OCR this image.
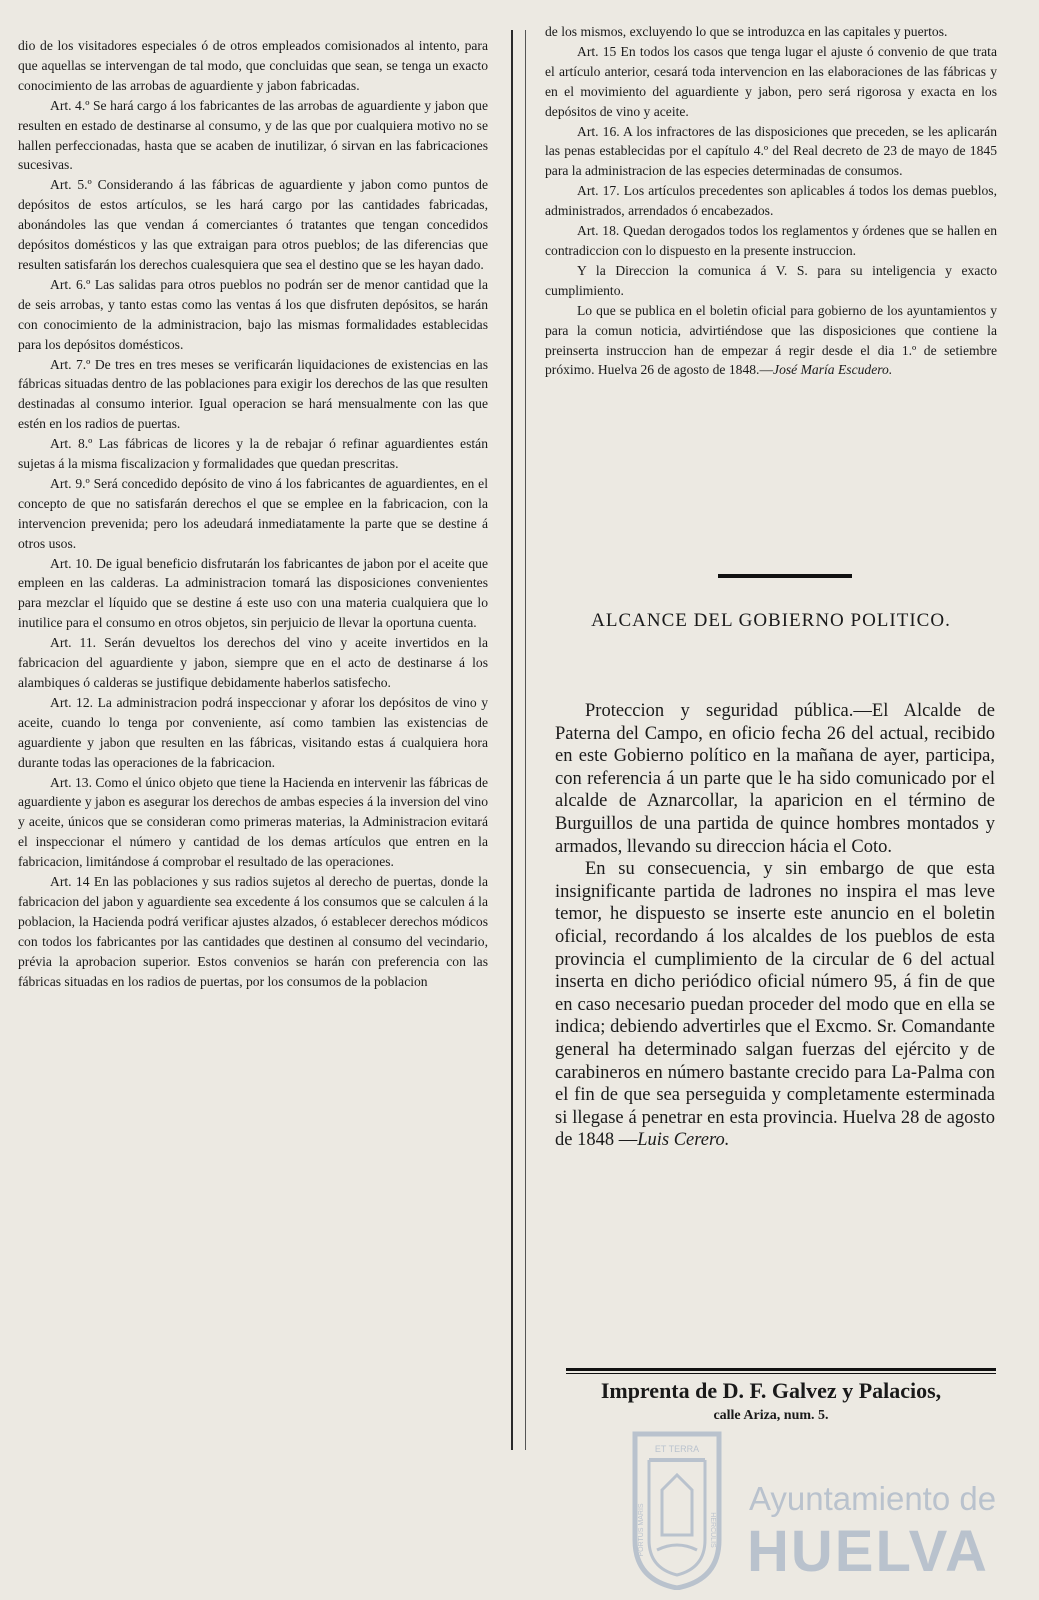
dio de los visitadores especiales ó de otros empleados comisionados al intento, para que aquellas se intervengan de tal modo, que concluidas que sean, se tenga un exacto conocimiento de las arrobas de aguardiente y jabon fabricadas.

Art. 4.º Se hará cargo á los fabricantes de las arrobas de aguardiente y jabon que resulten en estado de destinarse al consumo, y de las que por cualquiera motivo no se hallen perfeccionadas, hasta que se acaben de inutilizar, ó sirvan en las fabricaciones sucesivas.

Art. 5.º Considerando á las fábricas de aguardiente y jabon como puntos de depósitos de estos artículos, se les hará cargo por las cantidades fabricadas, abonándoles las que vendan á comerciantes ó tratantes que tengan concedidos depósitos domésticos y las que extraigan para otros pueblos; de las diferencias que resulten satisfarán los derechos cualesquiera que sea el destino que se les hayan dado.

Art. 6.º Las salidas para otros pueblos no podrán ser de menor cantidad que la de seis arrobas, y tanto estas como las ventas á los que disfruten depósitos, se harán con conocimiento de la administracion, bajo las mismas formalidades establecidas para los depósitos domésticos.

Art. 7.º De tres en tres meses se verificarán liquidaciones de existencias en las fábricas situadas dentro de las poblaciones para exigir los derechos de las que resulten destinadas al consumo interior. Igual operacion se hará mensualmente con las que estén en los radios de puertas.

Art. 8.º Las fábricas de licores y la de rebajar ó refinar aguardientes están sujetas á la misma fiscalizacion y formalidades que quedan prescritas.

Art. 9.º Será concedido depósito de vino á los fabricantes de aguardientes, en el concepto de que no satisfarán derechos el que se emplee en la fabricacion, con la intervencion prevenida; pero los adeudará inmediatamente la parte que se destine á otros usos.

Art. 10. De igual beneficio disfrutarán los fabricantes de jabon por el aceite que empleen en las calderas. La administracion tomará las disposiciones convenientes para mezclar el líquido que se destine á este uso con una materia cualquiera que lo inutilice para el consumo en otros objetos, sin perjuicio de llevar la oportuna cuenta.

Art. 11. Serán devueltos los derechos del vino y aceite invertidos en la fabricacion del aguardiente y jabon, siempre que en el acto de destinarse á los alambiques ó calderas se justifique debidamente haberlos satisfecho.

Art. 12. La administracion podrá inspeccionar y aforar los depósitos de vino y aceite, cuando lo tenga por conveniente, así como tambien las existencias de aguardiente y jabon que resulten en las fábricas, visitando estas á cualquiera hora durante todas las operaciones de la fabricacion.

Art. 13. Como el único objeto que tiene la Hacienda en intervenir las fábricas de aguardiente y jabon es asegurar los derechos de ambas especies á la inversion del vino y aceite, únicos que se consideran como primeras materias, la Administracion evitará el inspeccionar el número y cantidad de los demas artículos que entren en la fabricacion, limitándose á comprobar el resultado de las operaciones.

Art. 14 En las poblaciones y sus radios sujetos al derecho de puertas, donde la fabricacion del jabon y aguardiente sea excedente á los consumos que se calculen á la poblacion, la Hacienda podrá verificar ajustes alzados, ó establecer derechos módicos con todos los fabricantes por las cantidades que destinen al consumo del vecindario, prévia la aprobacion superior. Estos convenios se harán con preferencia con las fábricas situadas en los radios de puertas, por los consumos de la poblacion

de los mismos, excluyendo lo que se introduzca en las capitales y puertos.

Art. 15 En todos los casos que tenga lugar el ajuste ó convenio de que trata el artículo anterior, cesará toda intervencion en las elaboraciones de las fábricas y en el movimiento del aguardiente y jabon, pero será rigorosa y exacta en los depósitos de vino y aceite.

Art. 16. A los infractores de las disposiciones que preceden, se les aplicarán las penas establecidas por el capítulo 4.º del Real decreto de 23 de mayo de 1845 para la administracion de las especies determinadas de consumos.

Art. 17. Los artículos precedentes son aplicables á todos los demas pueblos, administrados, arrendados ó encabezados.

Art. 18. Quedan derogados todos los reglamentos y órdenes que se hallen en contradiccion con lo dispuesto en la presente instruccion.

Y la Direccion la comunica á V. S. para su inteligencia y exacto cumplimiento.

Lo que se publica en el boletin oficial para gobierno de los ayuntamientos y para la comun noticia, advirtiéndose que las disposiciones que contiene la preinserta instruccion han de empezar á regir desde el dia 1.º de setiembre próximo. Huelva 26 de agosto de 1848.—José María Escudero.

ALCANCE DEL GOBIERNO POLITICO.

Proteccion y seguridad pública.—El Alcalde de Paterna del Campo, en oficio fecha 26 del actual, recibido en este Gobierno político en la mañana de ayer, participa, con referencia á un parte que le ha sido comunicado por el alcalde de Aznarcollar, la aparicion en el término de Burguillos de una partida de quince hombres montados y armados, llevando su direccion hácia el Coto.

En su consecuencia, y sin embargo de que esta insignificante partida de ladrones no inspira el mas leve temor, he dispuesto se inserte este anuncio en el boletin oficial, recordando á los alcaldes de los pueblos de esta provincia el cumplimiento de la circular de 6 del actual inserta en dicho periódico oficial número 95, á fin de que en caso necesario puedan proceder del modo que en ella se indica; debiendo advertirles que el Excmo. Sr. Comandante general ha determinado salgan fuerzas del ejército y de carabineros en número bastante crecido para La-Palma con el fin de que sea perseguida y completamente esterminada si llegase á penetrar en esta provincia. Huelva 28 de agosto de 1848 —Luis Cerero.

Imprenta de D. F. Galvez y Palacios,
calle Ariza, num. 5.
ET TERRA
PORTUS MARIS	HERCULIS
Ayuntamiento de
HUELVA
